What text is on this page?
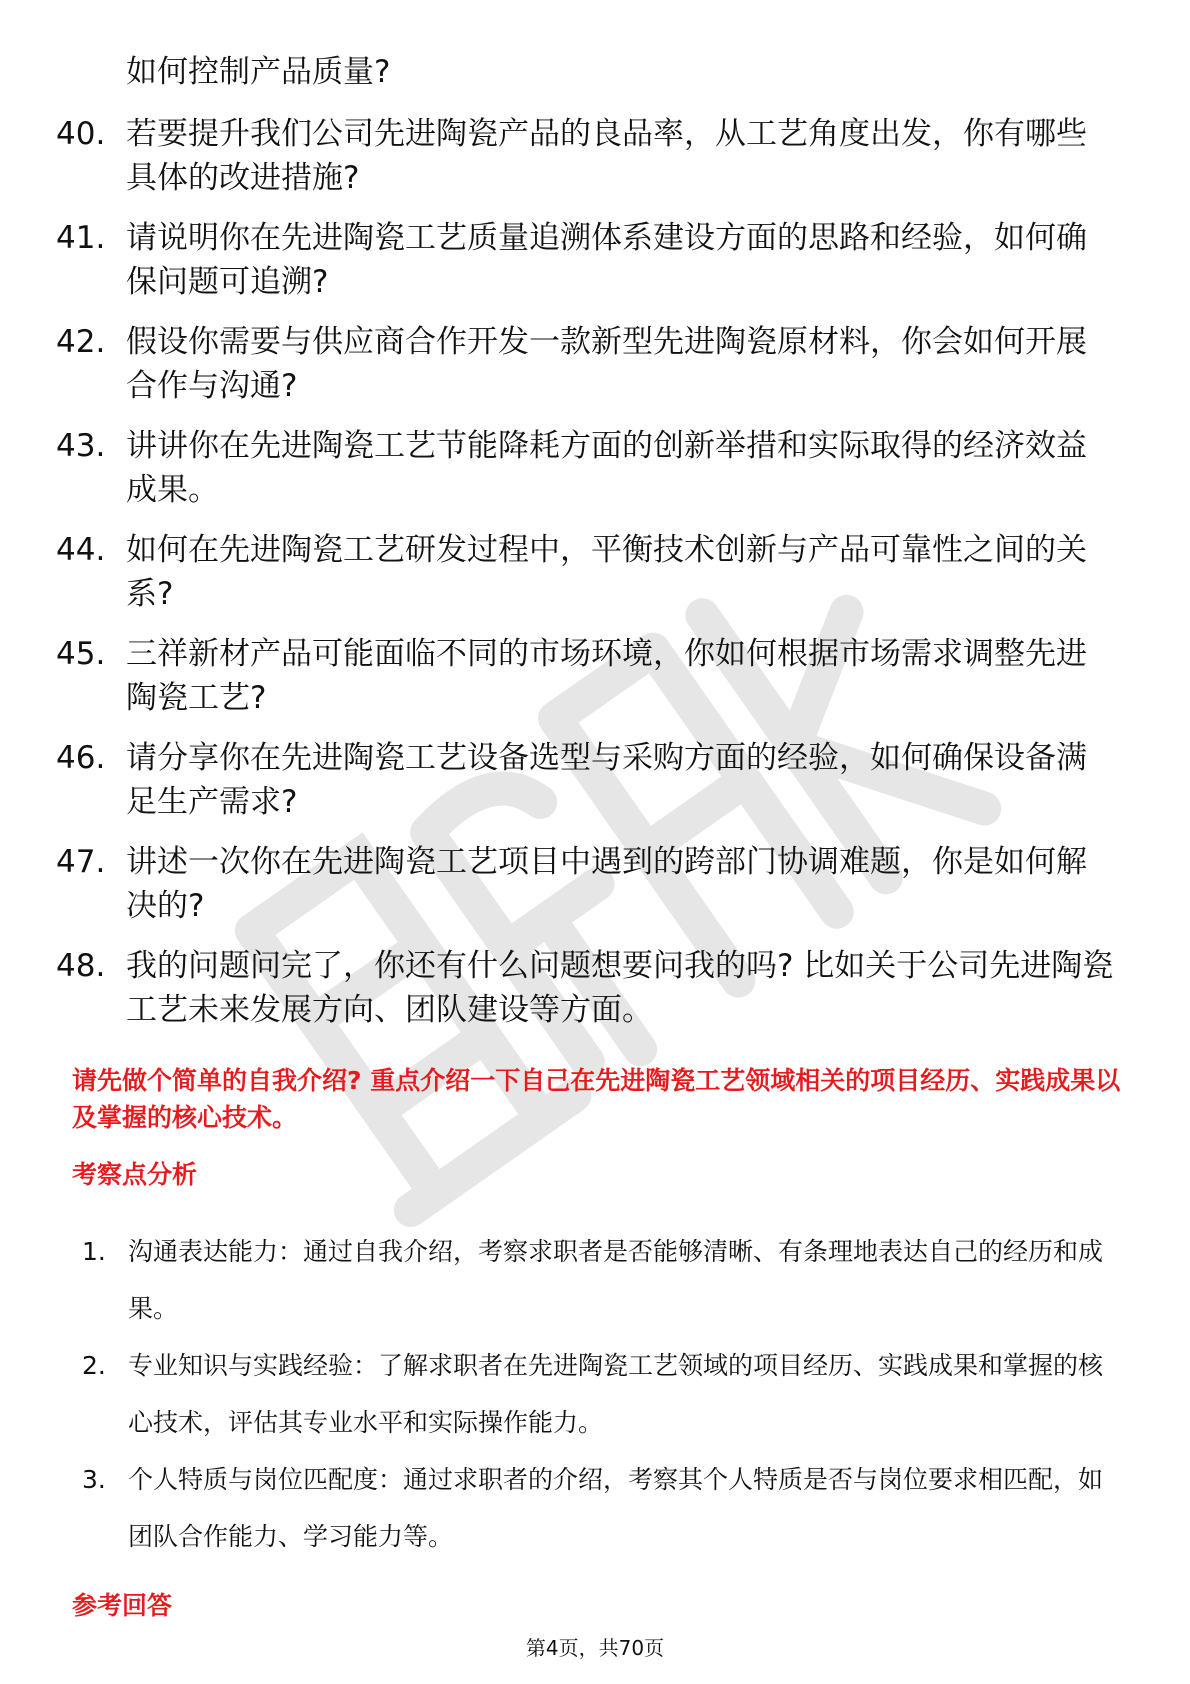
如何控制产品质量?

40. 若要提升我们公司先进陶瓷产品的良品率，从工艺角度出发，你有哪些具体的改进措施?
41. 请说明你在先进陶瓷工艺质量追溯体系建设方面的思路和经验，如何确保问题可追溯?
42. 假设你需要与供应商合作开发一款新型先进陶瓷原材料，你会如何开展合作与沟通?
43. 讲讲你在先进陶瓷工艺节能降耗方面的创新举措和实际取得的经济效益成果。
44. 如何在先进陶瓷工艺研发过程中，平衡技术创新与产品可靠性之间的关系?
45. 三祥新材产品可能面临不同的市场环境，你如何根据市场需求调整先进陶瓷工艺?
46. 请分享你在先进陶瓷工艺设备选型与采购方面的经验，如何确保设备满足生产需求?
47. 讲述一次你在先进陶瓷工艺项目中遇到的跨部门协调难题，你是如何解决的?
48. 我的问题问完了，你还有什么问题想要问我的吗? 比如关于公司先进陶瓷工艺未来发展方向、团队建设等方面。

请先做个简单的自我介绍? 重点介绍一下自己在先进陶瓷工艺领域相关的项目经历、实践成果以及掌握的核心技术。

考察点分析

1. 沟通表达能力：通过自我介绍，考察求职者是否能够清晰、有条理地表达自己的经历和成果。
2. 专业知识与实践经验：了解求职者在先进陶瓷工艺领域的项目经历、实践成果和掌握的核心技术，评估其专业水平和实际操作能力。
3. 个人特质与岗位匹配度：通过求职者的介绍，考察其个人特质是否与岗位要求相匹配，如团队合作能力、学习能力等。

参考回答

第4页，共70页
